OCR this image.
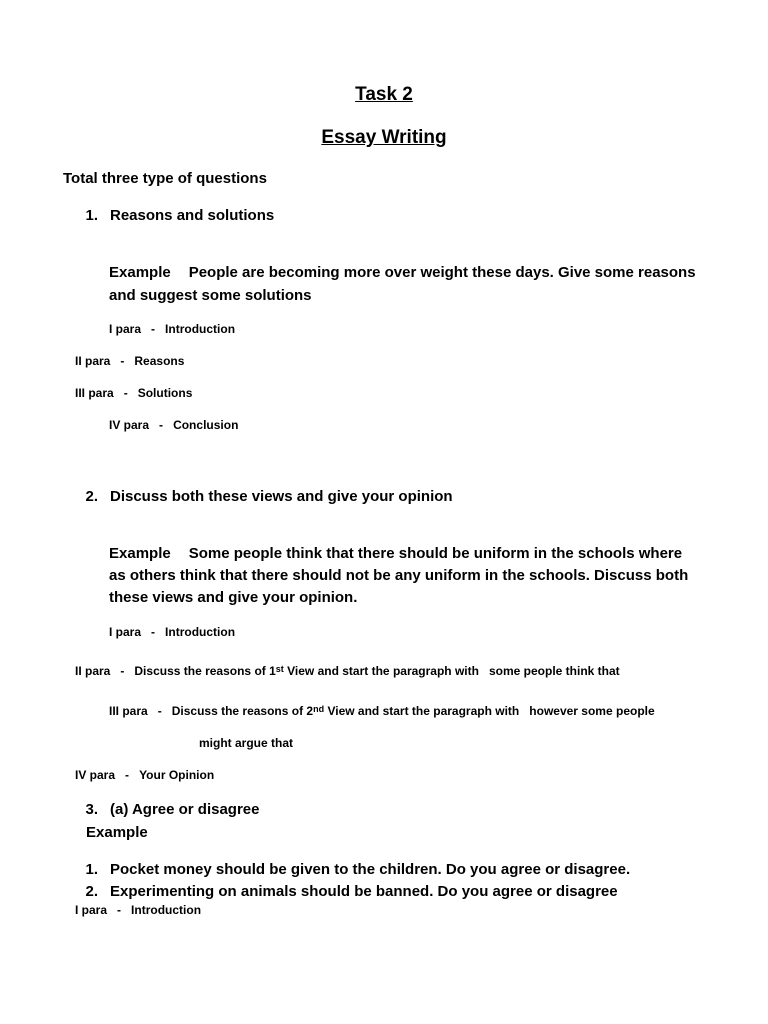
Task 2

Essay Writing

Total three type of questions

1. Reasons and solutions

Example People are becoming more over weight these days. Give some reasons

and suggest some solutions

I para - Introduction

II para - Reasons

III para - Solutions

IV para - Conclusion

2. Discuss both these views and give your opinion

Example Some people think that there should be uniform in the schools where

as others think that there should not be any uniform in the schools. Discuss both

these views and give your opinion.

I para - Introduction

II para - Discuss the reasons of 1st View and start the paragraph with some people think that

III para - Discuss the reasons of 2nd View and start the paragraph with however some people

might argue that

IV para - Your Opinion

3. (a) Agree or disagree

Example

1. Pocket money should be given to the children. Do you agree or disagree.

2. Experimenting on animals should be banned. Do you agree or disagree

I para - Introduction
